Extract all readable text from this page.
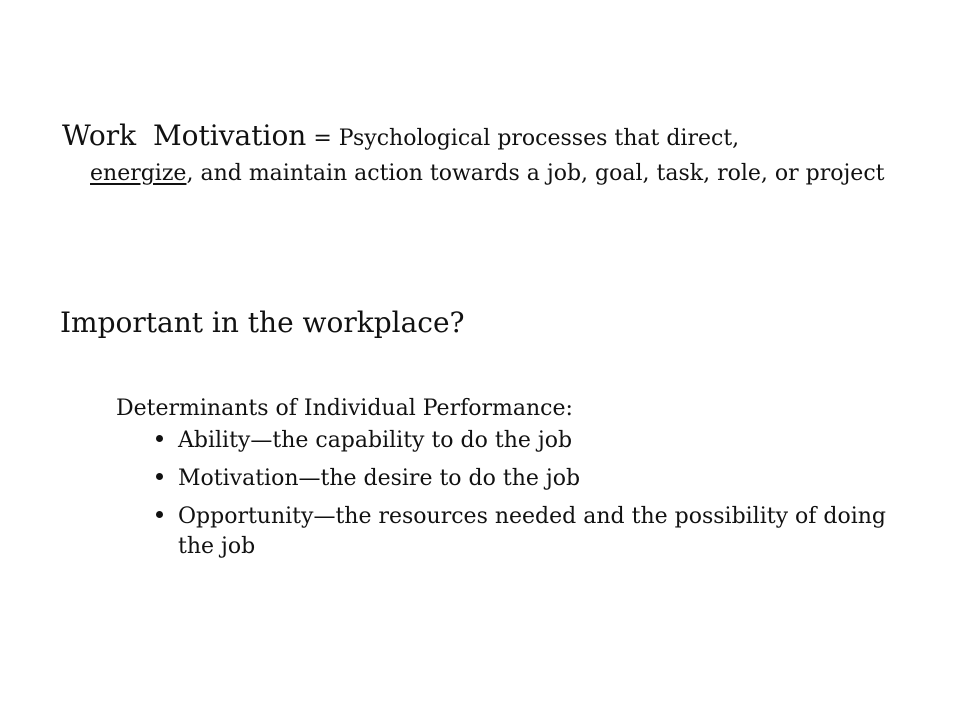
Work Motivation = Psychological processes that direct,
energize, and maintain action towards a job, goal, task, role, or project
Important in the workplace?
Determinants of Individual Performance:
Ability—the capability to do the job
Motivation—the desire to do the job
Opportunity—the resources needed and the possibility of doing the job
